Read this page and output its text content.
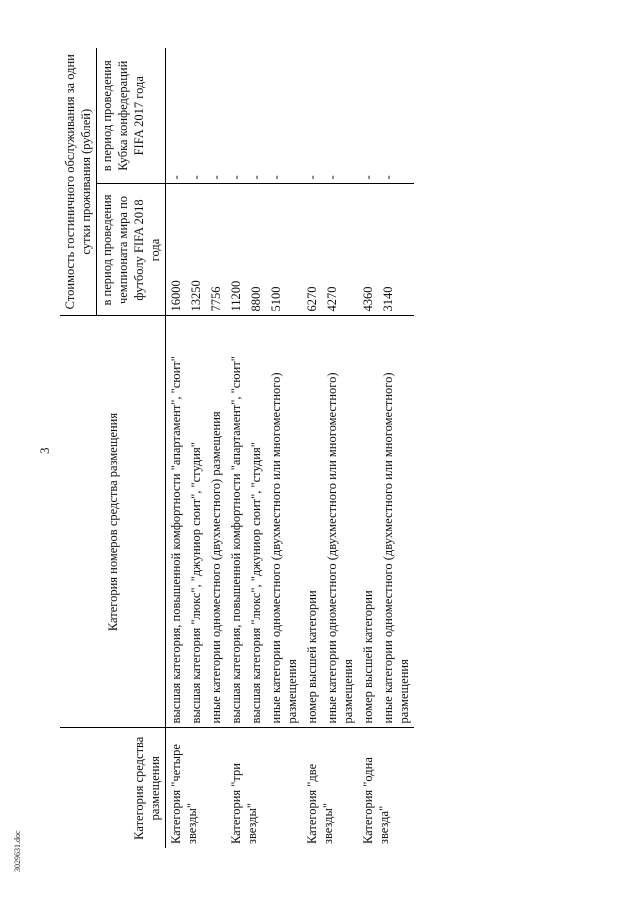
3
3029631.doc
Категория средства размещения	Категория номеров средства размещения	Стоимость гостиничного обслуживания за одни сутки проживания (рублей)	
		в период проведения чемпионата мира по футболу FIFA 2018 года	в период проведения Кубка конфедераций FIFA 2017 года
Категория "четыре звезды"	высшая категория, повышенной комфортности "апартамент", "сюит"	16000	-
	высшая категория "люкс", "джуниор сюит", "студия"	13250	-
	иные категории одноместного (двухместного) размещения	7756	-
Категория "три звезды"	высшая категория, повышенной комфортности "апартамент", "сюит"	11200	-
	высшая категория "люкс", "джуниор сюит", "студия"	8800	-
	иные категории одноместного (двухместного или многоместного) размещения	5100	-
Категория "две звезды"	номер высшей категории	6270	-
	иные категории одноместного (двухместного или многоместного) размещения	4270	-
Категория "одна звезда"	номер высшей категории	4360	-
	иные категории одноместного (двухместного или многоместного) размещения	3140	-
